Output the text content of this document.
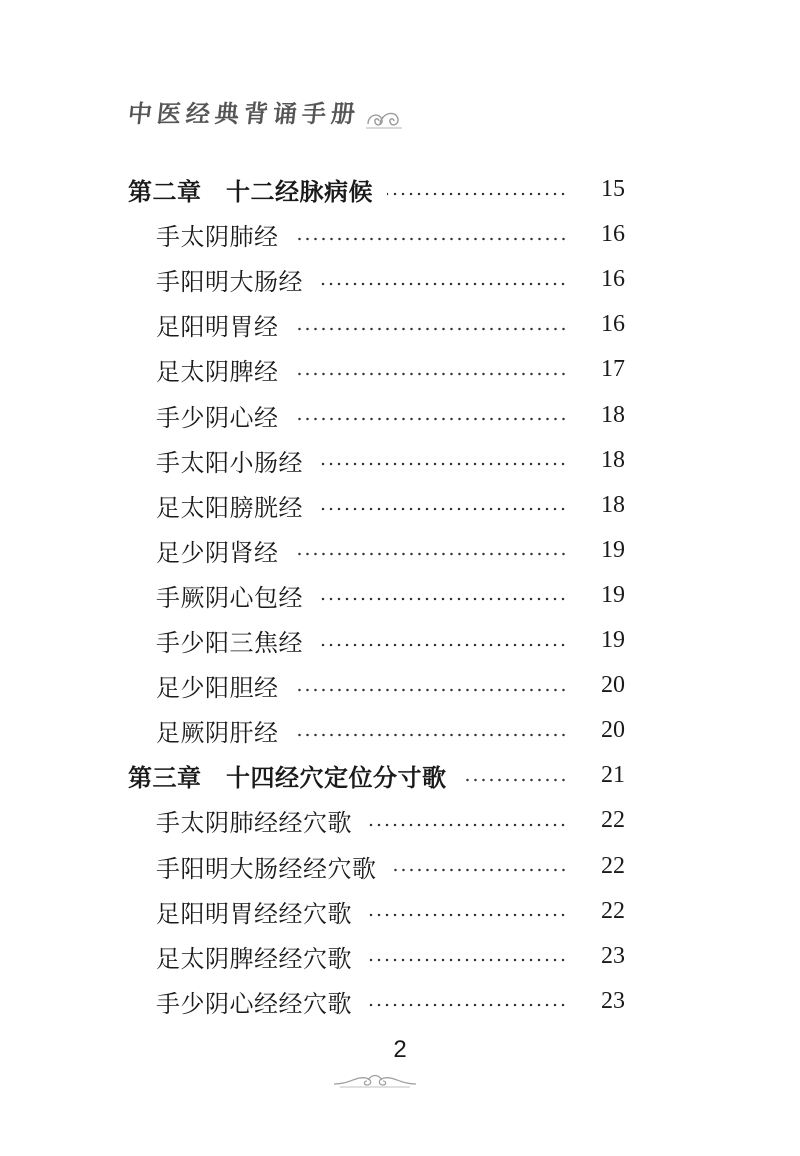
中医经典背诵手册
第二章　十二经脉病候	15
手太阴肺经	16
手阳明大肠经	16
足阳明胃经	16
足太阴脾经	17
手少阴心经	18
手太阳小肠经	18
足太阳膀胱经	18
足少阴肾经	19
手厥阴心包经	19
手少阳三焦经	19
足少阳胆经	20
足厥阴肝经	20
第三章　十四经穴定位分寸歌	21
手太阴肺经经穴歌	22
手阳明大肠经经穴歌	22
足阳明胃经经穴歌	22
足太阴脾经经穴歌	23
手少阴心经经穴歌	23
2
